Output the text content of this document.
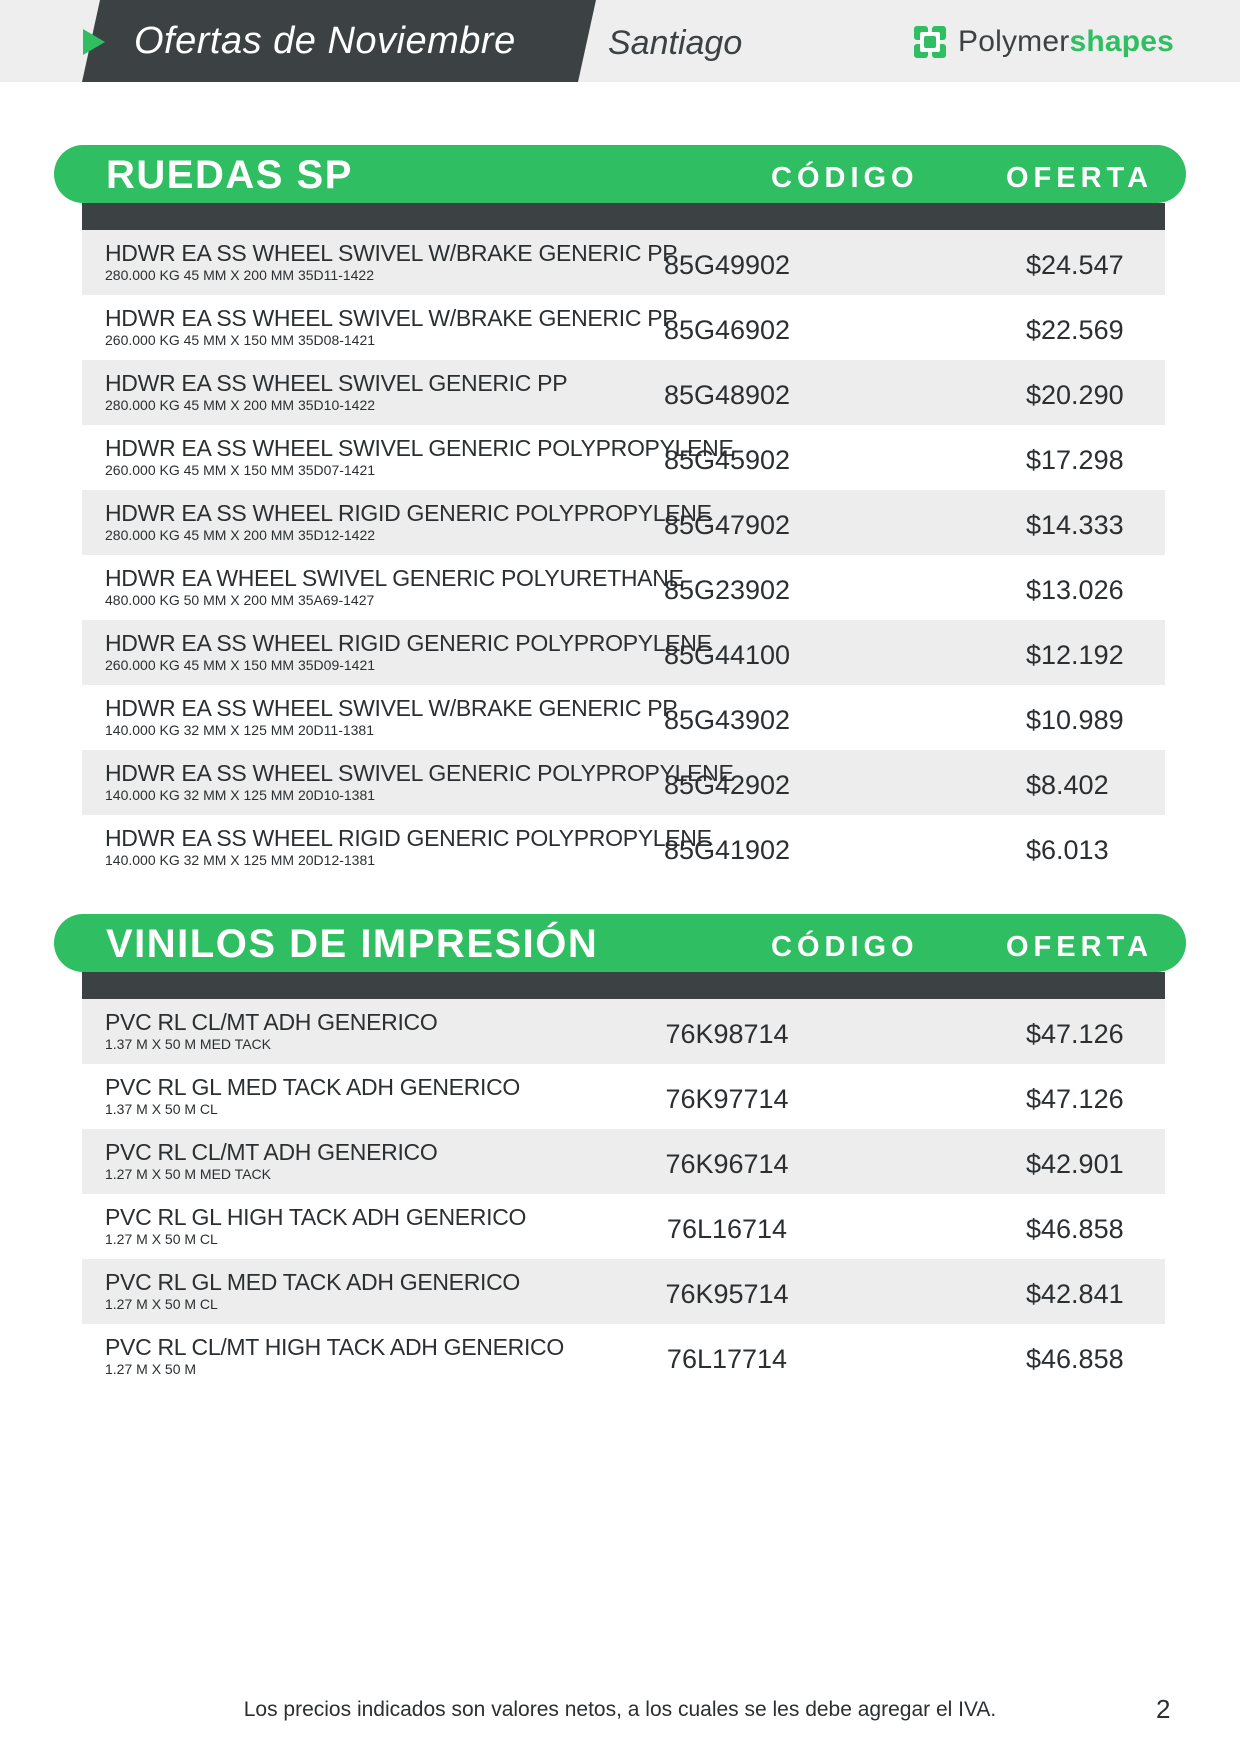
Ofertas de Noviembre	Santiago	Polymershapes
RUEDAS SP	CÓDIGO	OFERTA
HDWR EA SS WHEEL SWIVEL W/BRAKE GENERIC PP
280.000 KG 45 MM X 200 MM 35D11-1422	85G49902	$24.547
HDWR EA SS WHEEL SWIVEL W/BRAKE GENERIC PP
260.000 KG 45 MM X 150 MM 35D08-1421	85G46902	$22.569
HDWR EA SS WHEEL SWIVEL GENERIC PP
280.000 KG 45 MM X 200 MM 35D10-1422	85G48902	$20.290
HDWR EA SS WHEEL SWIVEL GENERIC POLYPROPYLENE
260.000 KG 45 MM X 150 MM 35D07-1421	85G45902	$17.298
HDWR EA SS WHEEL RIGID GENERIC POLYPROPYLENE
280.000 KG 45 MM X 200 MM 35D12-1422	85G47902	$14.333
HDWR EA WHEEL SWIVEL GENERIC POLYURETHANE
480.000 KG 50 MM X 200 MM 35A69-1427	85G23902	$13.026
HDWR EA SS WHEEL RIGID GENERIC POLYPROPYLENE
260.000 KG 45 MM X 150 MM 35D09-1421	85G44100	$12.192
HDWR EA SS WHEEL SWIVEL W/BRAKE GENERIC PP
140.000 KG 32 MM X 125 MM 20D11-1381	85G43902	$10.989
HDWR EA SS WHEEL SWIVEL GENERIC POLYPROPYLENE
140.000 KG 32 MM X 125 MM 20D10-1381	85G42902	$8.402
HDWR EA SS WHEEL RIGID GENERIC POLYPROPYLENE
140.000 KG 32 MM X 125 MM 20D12-1381	85G41902	$6.013
VINILOS DE IMPRESIÓN	CÓDIGO	OFERTA
PVC RL CL/MT ADH GENERICO
1.37 M X 50 M MED TACK	76K98714	$47.126
PVC RL GL MED TACK ADH GENERICO
1.37 M X 50 M CL	76K97714	$47.126
PVC RL CL/MT ADH GENERICO
1.27 M X 50 M MED TACK	76K96714	$42.901
PVC RL GL HIGH TACK ADH GENERICO
1.27 M X 50 M CL	76L16714	$46.858
PVC RL GL MED TACK ADH GENERICO
1.27 M X 50 M CL	76K95714	$42.841
PVC RL CL/MT HIGH TACK ADH GENERICO
1.27 M X 50 M	76L17714	$46.858
Los precios indicados son valores netos, a los cuales se les debe agregar el IVA.	2
